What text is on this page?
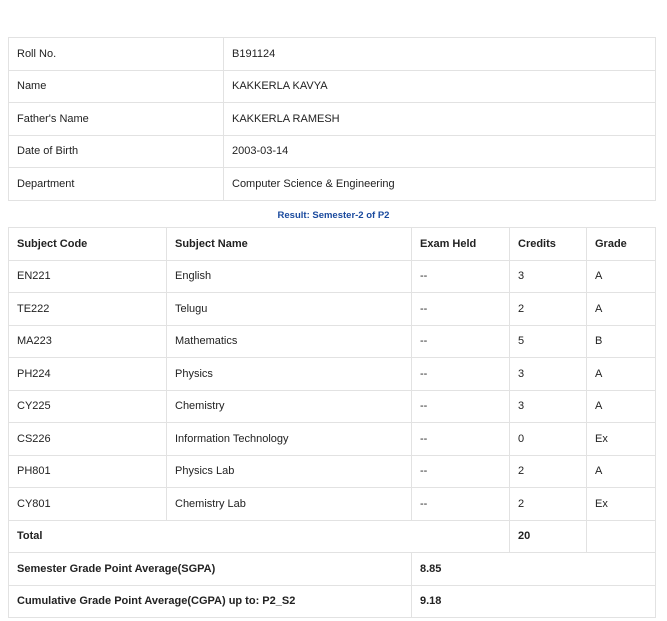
Roll No.	B191124
Name	KAKKERLA KAVYA
Father's Name	KAKKERLA RAMESH
Date of Birth	2003-03-14
Department	Computer Science & Engineering
Result: Semester-2 of P2
Subject Code	Subject Name	Exam Held	Credits	Grade
EN221	English	--	3	A
TE222	Telugu	--	2	A
MA223	Mathematics	--	5	B
PH224	Physics	--	3	A
CY225	Chemistry	--	3	A
CS226	Information Technology	--	0	Ex
PH801	Physics Lab	--	2	A
CY801	Chemistry Lab	--	2	Ex
Total			20	
Semester Grade Point Average(SGPA)		8.85		
Cumulative Grade Point Average(CGPA) up to: P2_S2		9.18		
